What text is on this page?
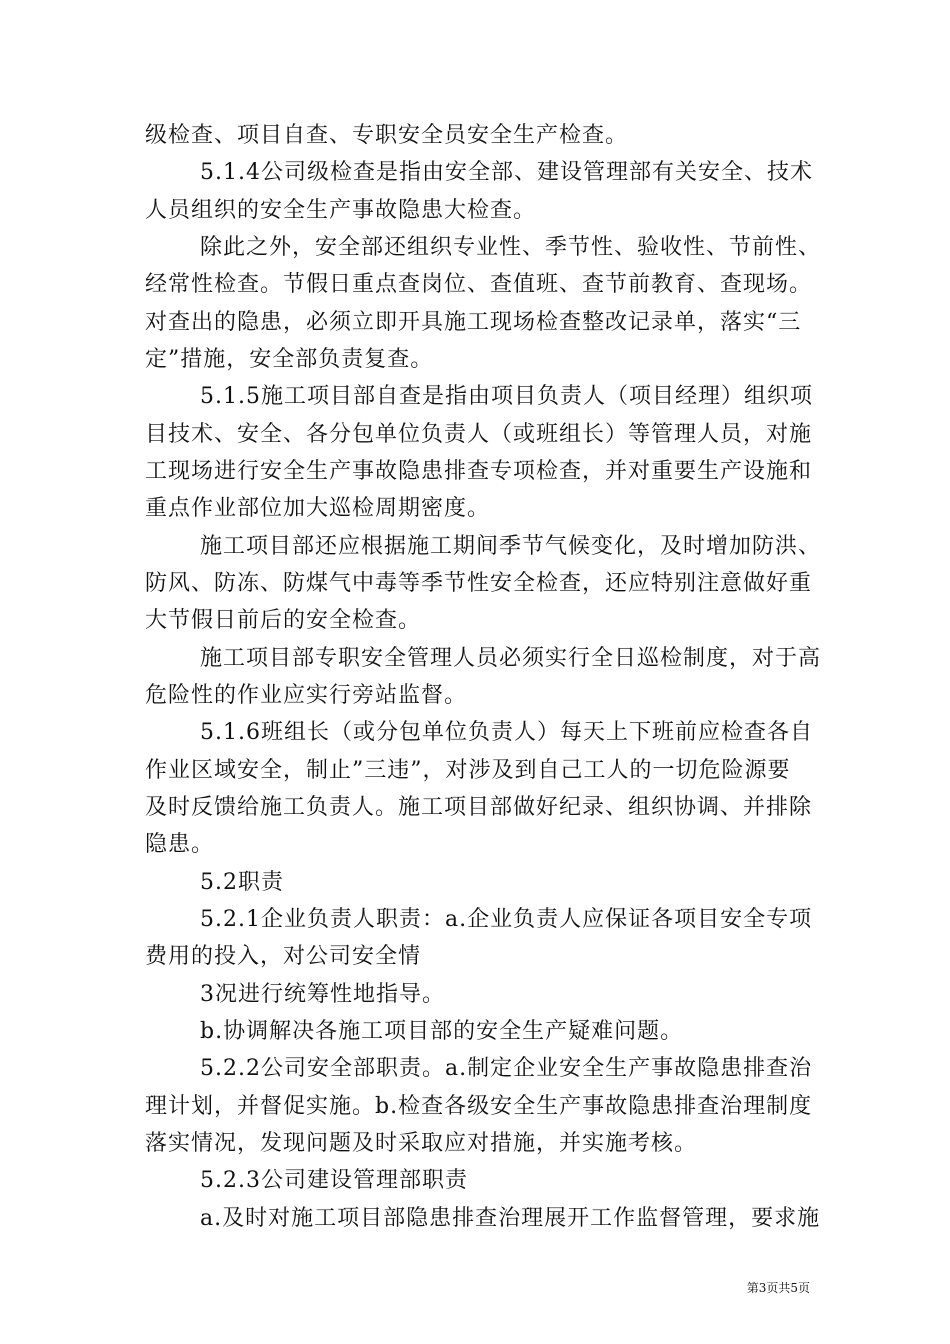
级检查、项目自查、专职安全员安全生产检查。
5.1.4公司级检查是指由安全部、建设管理部有关安全、技术
人员组织的安全生产事故隐患大检查。
除此之外，安全部还组织专业性、季节性、验收性、节前性、
经常性检查。节假日重点查岗位、查值班、查节前教育、查现场。
对查出的隐患，必须立即开具施工现场检查整改记录单，落实“三
定”措施，安全部负责复查。
5.1.5施工项目部自查是指由项目负责人（项目经理）组织项
目技术、安全、各分包单位负责人（或班组长）等管理人员，对施
工现场进行安全生产事故隐患排查专项检查，并对重要生产设施和
重点作业部位加大巡检周期密度。
施工项目部还应根据施工期间季节气候变化，及时增加防洪、
防风、防冻、防煤气中毒等季节性安全检查，还应特别注意做好重
大节假日前后的安全检查。
施工项目部专职安全管理人员必须实行全日巡检制度，对于高
危险性的作业应实行旁站监督。
5.1.6班组长（或分包单位负责人）每天上下班前应检查各自
作业区域安全，制止”三违”，对涉及到自己工人的一切危险源要
及时反馈给施工负责人。施工项目部做好纪录、组织协调、并排除
隐患。
5.2职责
5.2.1企业负责人职责：a.企业负责人应保证各项目安全专项
费用的投入，对公司安全情
3况进行统筹性地指导。
b.协调解决各施工项目部的安全生产疑难问题。
5.2.2公司安全部职责。a.制定企业安全生产事故隐患排查治
理计划，并督促实施。b.检查各级安全生产事故隐患排查治理制度
落实情况，发现问题及时采取应对措施，并实施考核。
5.2.3公司建设管理部职责
a.及时对施工项目部隐患排查治理展开工作监督管理，要求施
第3页共5页
